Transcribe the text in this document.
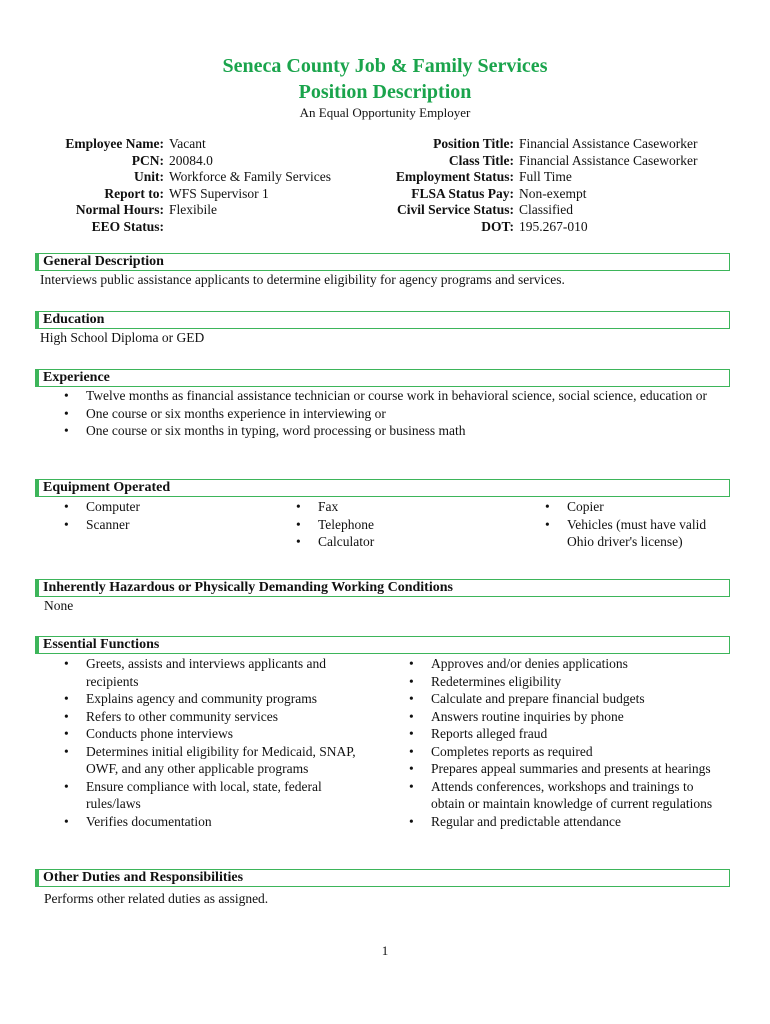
Seneca County Job & Family Services
Position Description
An Equal Opportunity Employer
Employee Name: Vacant
PCN: 20084.0
Unit: Workforce & Family Services
Report to: WFS Supervisor 1
Normal Hours: Flexibile
EEO Status:
Position Title: Financial Assistance Caseworker
Class Title: Financial Assistance Caseworker
Employment Status: Full Time
FLSA Status Pay: Non-exempt
Civil Service Status: Classified
DOT: 195.267-010
General Description
Interviews public assistance applicants to determine eligibility for agency programs and services.
Education
High School Diploma or GED
Experience
•	Twelve months as financial assistance technician or course work in behavioral science, social science, education or
•	One course or six months experience in interviewing or
•	One course or six months in typing, word processing or business math
Equipment Operated
•	Computer
•	Scanner
•	Fax
•	Telephone
•	Calculator
•	Copier
•	Vehicles (must have valid Ohio driver's license)
Inherently Hazardous or Physically Demanding Working Conditions
None
Essential Functions
•	Greets, assists and interviews applicants and recipients
•	Explains agency and community programs
•	Refers to other community services
•	Conducts phone interviews
•	Determines initial eligibility for Medicaid, SNAP, OWF, and any other applicable programs
•	Ensure compliance with local, state, federal rules/laws
•	Verifies documentation
•	Approves and/or denies applications
•	Redetermines eligibility
•	Calculate and prepare financial budgets
•	Answers routine inquiries by phone
•	Reports alleged fraud
•	Completes reports as required
•	Prepares appeal summaries and presents at hearings
•	Attends conferences, workshops and trainings to obtain or maintain knowledge of current regulations
•	Regular and predictable attendance
Other Duties and Responsibilities
Performs other related duties as assigned.
1
